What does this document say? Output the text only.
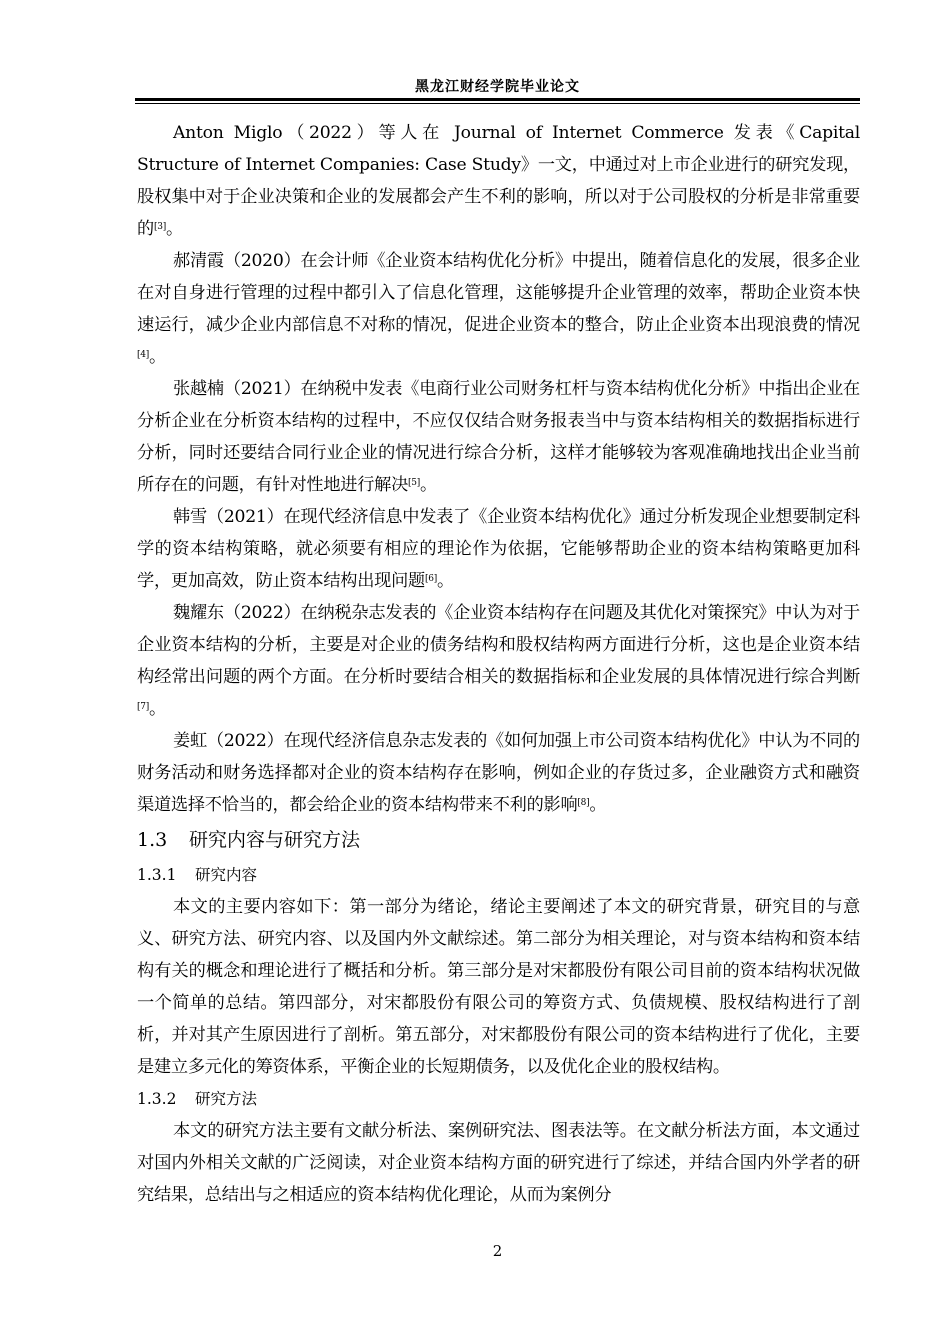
黑龙江财经学院毕业论文

Anton Miglo（2022）等人在 Journal of Internet Commerce 发表《Capital Structure of Internet Companies: Case Study》一文，中通过对上市企业进行的研究发现，股权集中对于企业决策和企业的发展都会产生不利的影响，所以对于公司股权的分析是非常重要的[3]。

郝清霞（2020）在会计师《企业资本结构优化分析》中提出，随着信息化的发展，很多企业在对自身进行管理的过程中都引入了信息化管理，这能够提升企业管理的效率，帮助企业资本快速运行，减少企业内部信息不对称的情况，促进企业资本的整合，防止企业资本出现浪费的情况[4]。

张越楠（2021）在纳税中发表《电商行业公司财务杠杆与资本结构优化分析》中指出企业在分析企业在分析资本结构的过程中，不应仅仅结合财务报表当中与资本结构相关的数据指标进行分析，同时还要结合同行业企业的情况进行综合分析，这样才能够较为客观准确地找出企业当前所存在的问题，有针对性地进行解决[5]。

韩雪（2021）在现代经济信息中发表了《企业资本结构优化》通过分析发现企业想要制定科学的资本结构策略，就必须要有相应的理论作为依据，它能够帮助企业的资本结构策略更加科学，更加高效，防止资本结构出现问题[6]。

魏耀东（2022）在纳税杂志发表的《企业资本结构存在问题及其优化对策探究》中认为对于企业资本结构的分析，主要是对企业的债务结构和股权结构两方面进行分析，这也是企业资本结构经常出问题的两个方面。在分析时要结合相关的数据指标和企业发展的具体情况进行综合判断[7]。

姜虹（2022）在现代经济信息杂志发表的《如何加强上市公司资本结构优化》中认为不同的财务活动和财务选择都对企业的资本结构存在影响，例如企业的存货过多，企业融资方式和融资渠道选择不恰当的，都会给企业的资本结构带来不利的影响[8]。

1.3 研究内容与研究方法
1.3.1 研究内容

本文的主要内容如下：第一部分为绪论，绪论主要阐述了本文的研究背景，研究目的与意义、研究方法、研究内容、以及国内外文献综述。第二部分为相关理论，对与资本结构和资本结构有关的概念和理论进行了概括和分析。第三部分是对宋都股份有限公司目前的资本结构状况做一个简单的总结。第四部分，对宋都股份有限公司的筹资方式、负债规模、股权结构进行了剖析，并对其产生原因进行了剖析。第五部分，对宋都股份有限公司的资本结构进行了优化，主要是建立多元化的筹资体系，平衡企业的长短期债务，以及优化企业的股权结构。

1.3.2 研究方法

本文的研究方法主要有文献分析法、案例研究法、图表法等。在文献分析法方面，本文通过对国内外相关文献的广泛阅读，对企业资本结构方面的研究进行了综述，并结合国内外学者的研究结果，总结出与之相适应的资本结构优化理论，从而为案例分

2
